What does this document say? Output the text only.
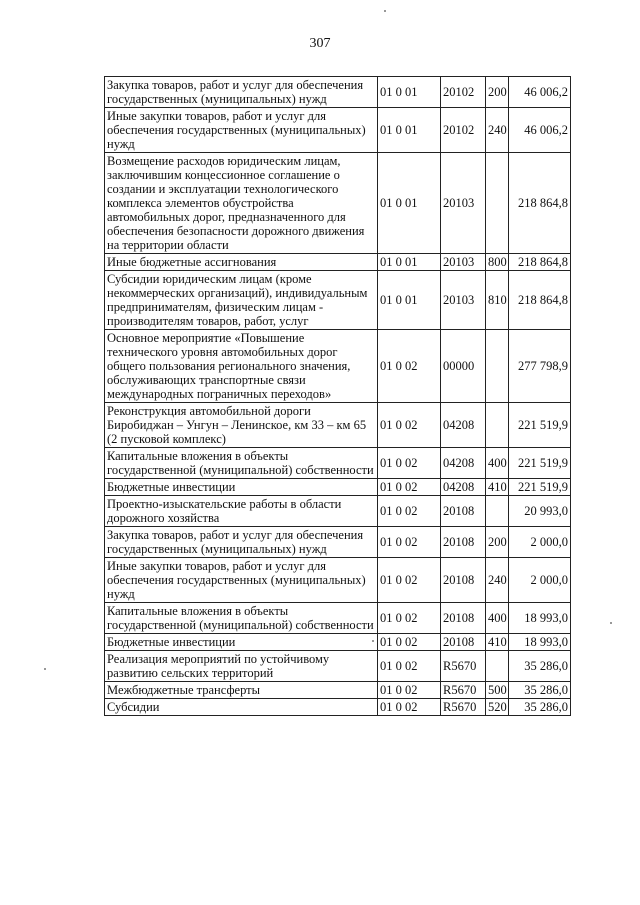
307
Закупка товаров, работ и услуг для обеспечения государственных (муниципальных) нужд	01 0 01	20102	200	46 006,2
Иные закупки товаров, работ и услуг для обеспечения государственных (муниципальных) нужд	01 0 01	20102	240	46 006,2
Возмещение расходов юридическим лицам, заключившим концессионное соглашение о создании и эксплуатации технологического комплекса элементов обустройства автомобильных дорог, предназначенного для обеспечения безопасности дорожного движения на территории области	01 0 01	20103		218 864,8
Иные бюджетные ассигнования	01 0 01	20103	800	218 864,8
Субсидии юридическим лицам (кроме некоммерческих организаций), индивидуальным предпринимателям, физическим лицам - производителям товаров, работ, услуг	01 0 01	20103	810	218 864,8
Основное мероприятие «Повышение технического уровня автомобильных дорог общего пользования регионального значения, обслуживающих транспортные связи международных пограничных переходов»	01 0 02	00000		277 798,9
Реконструкция автомобильной дороги Биробиджан – Унгун – Ленинское, км 33 – км 65 (2 пусковой комплекс)	01 0 02	04208		221 519,9
Капитальные вложения в объекты государственной (муниципальной) собственности	01 0 02	04208	400	221 519,9
Бюджетные инвестиции	01 0 02	04208	410	221 519,9
Проектно-изыскательские работы в области дорожного хозяйства	01 0 02	20108		20 993,0
Закупка товаров, работ и услуг для обеспечения государственных (муниципальных) нужд	01 0 02	20108	200	2 000,0
Иные закупки товаров, работ и услуг для обеспечения государственных (муниципальных) нужд	01 0 02	20108	240	2 000,0
Капитальные вложения в объекты государственной (муниципальной) собственности	01 0 02	20108	400	18 993,0
Бюджетные инвестиции	01 0 02	20108	410	18 993,0
Реализация мероприятий по устойчивому развитию сельских территорий	01 0 02	R5670		35 286,0
Межбюджетные трансферты	01 0 02	R5670	500	35 286,0
Субсидии	01 0 02	R5670	520	35 286,0
